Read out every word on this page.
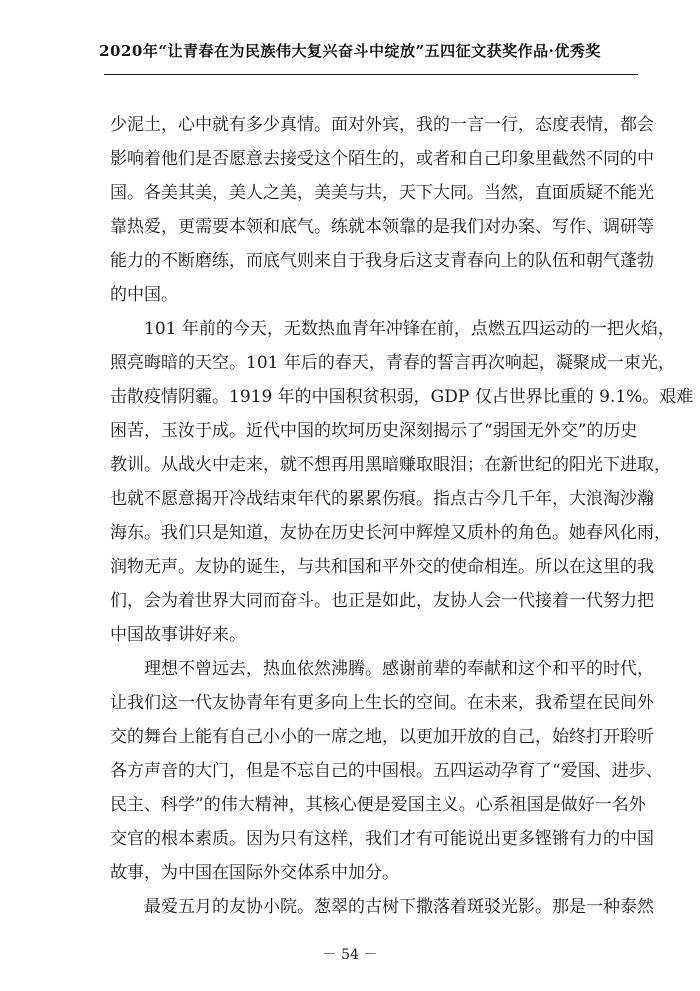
2020年“让青春在为民族伟大复兴奋斗中绽放”五四征文获奖作品·优秀奖
少泥土，心中就有多少真情。面对外宾，我的一言一行，态度表情，都会
影响着他们是否愿意去接受这个陌生的，或者和自己印象里截然不同的中
国。各美其美，美人之美，美美与共，天下大同。当然，直面质疑不能光
靠热爱，更需要本领和底气。练就本领靠的是我们对办案、写作、调研等
能力的不断磨练，而底气则来自于我身后这支青春向上的队伍和朝气蓬勃
的中国。
101 年前的今天，无数热血青年冲锋在前，点燃五四运动的一把火焰，
照亮晦暗的天空。101 年后的春天，青春的誓言再次响起，凝聚成一束光，
击散疫情阴霾。1919 年的中国积贫积弱，GDP 仅占世界比重的 9.1%。艰难
困苦，玉汝于成。近代中国的坎坷历史深刻揭示了“弱国无外交”的历史
教训。从战火中走来，就不想再用黑暗赚取眼泪；在新世纪的阳光下进取，
也就不愿意揭开冷战结束年代的累累伤痕。指点古今几千年，大浪淘沙瀚
海东。我们只是知道，友协在历史长河中辉煌又质朴的角色。她春风化雨，
润物无声。友协的诞生，与共和国和平外交的使命相连。所以在这里的我
们，会为着世界大同而奋斗。也正是如此，友协人会一代接着一代努力把
中国故事讲好来。
理想不曾远去，热血依然沸腾。感谢前辈的奉献和这个和平的时代，
让我们这一代友协青年有更多向上生长的空间。在未来，我希望在民间外
交的舞台上能有自己小小的一席之地，以更加开放的自己，始终打开聆听
各方声音的大门，但是不忘自己的中国根。五四运动孕育了“爱国、进步、
民主、科学”的伟大精神，其核心便是爱国主义。心系祖国是做好一名外
交官的根本素质。因为只有这样，我们才有可能说出更多铿锵有力的中国
故事，为中国在国际外交体系中加分。
最爱五月的友协小院。葱翠的古树下撒落着斑驳光影。那是一种泰然
－ 54 －
